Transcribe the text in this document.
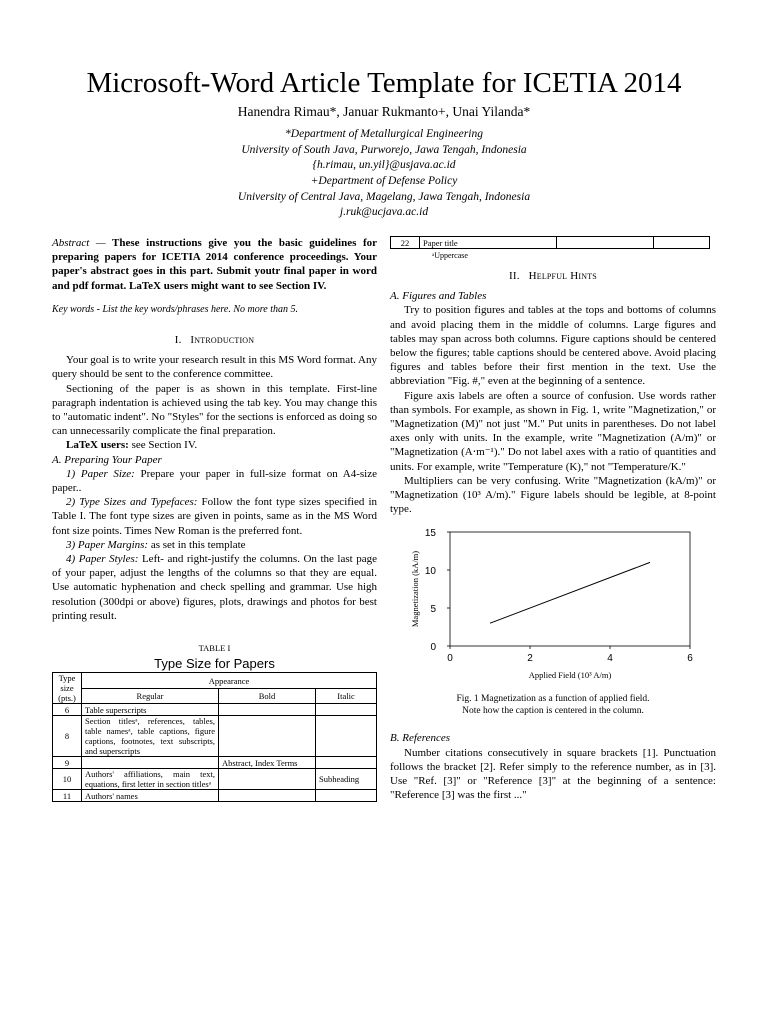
Microsoft-Word Article Template for ICETIA 2014
Hanendra Rimau*, Januar Rukmanto+, Unai Yilanda*
*Department of Metallurgical Engineering
University of South Java, Purworejo, Jawa Tengah, Indonesia
{h.rimau, un.yil}@usjava.ac.id
+Department of Defense Policy
University of Central Java, Magelang, Jawa Tengah, Indonesia
j.ruk@ucjava.ac.id

Abstract — These instructions give you the basic guidelines for preparing papers for ICETIA 2014 conference proceedings. Your paper's abstract goes in this part. Submit youtr final paper in word and pdf format. LaTeX users might want to see Section IV.

Key words - List the key words/phrases here. No more than 5.

I. Introduction

Your goal is to write your research result in this MS Word format. Any query should be sent to the conference committee.

Sectioning of the paper is as shown in this template. First-line paragraph indentation is achieved using the tab key. You may change this to "automatic indent". No "Styles" for the sections is enforced as doing so can unnecessarily complicate the final preparation.

LaTeX users: see Section IV.

A. Preparing Your Paper

1) Paper Size: Prepare your paper in full-size format on A4-size paper..

2) Type Sizes and Typefaces: Follow the font type sizes specified in Table I. The font type sizes are given in points, same as in the MS Word font size points. Times New Roman is the preferred font.

3) Paper Margins: as set in this template

4) Paper Styles: Left- and right-justify the columns. On the last page of your paper, adjust the lengths of the columns so that they are equal. Use automatic hyphenation and check spelling and grammar. Use high resolution (300dpi or above) figures, plots, drawings and photos for best printing result.

TABLE I
Type Size for Papers
Type size (pts.)	Appearance		
	Regular	Bold	Italic
6	Table superscripts		
8	Section titlesᵃ, references, tables, table namesᵃ, table captions, figure captions, footnotes, text subscripts, and superscripts		
9		Abstract, Index Terms	
10	Authors' affiliations, main text, equations, first letter in section titlesᵃ		Subheading
11	Authors' names		
22	Paper title		
ᵃUppercase
II. Helpful Hints

A. Figures and Tables

Try to position figures and tables at the tops and bottoms of columns and avoid placing them in the middle of columns. Large figures and tables may span across both columns. Figure captions should be centered below the figures; table captions should be centered above. Avoid placing figures and tables before their first mention in the text. Use the abbreviation "Fig. #," even at the beginning of a sentence.

Figure axis labels are often a source of confusion. Use words rather than symbols. For example, as shown in Fig. 1, write "Magnetization," or "Magnetization (M)" not just "M." Put units in parentheses. Do not label axes only with units. In the example, write "Magnetization (A/m)" or "Magnetization (A⋅m⁻¹)." Do not label axes with a ratio of quantities and units. For example, write "Temperature (K)," not "Temperature/K."

Multipliers can be very confusing. Write "Magnetization (kA/m)" or "Magnetization (10³ A/m)." Figure labels should be legible, at 8-point type.

0	2	4	6
0
5
10
15
Applied Field (10³ A/m)
Magnetization (kA/m)
Fig. 1 Magnetization as a function of applied field.
Note how the caption is centered in the column.

B. References

Number citations consecutively in square brackets [1]. Punctuation follows the bracket [2]. Refer simply to the reference number, as in [3]. Use "Ref. [3]" or "Reference [3]" at the beginning of a sentence: "Reference [3] was the first ..."
